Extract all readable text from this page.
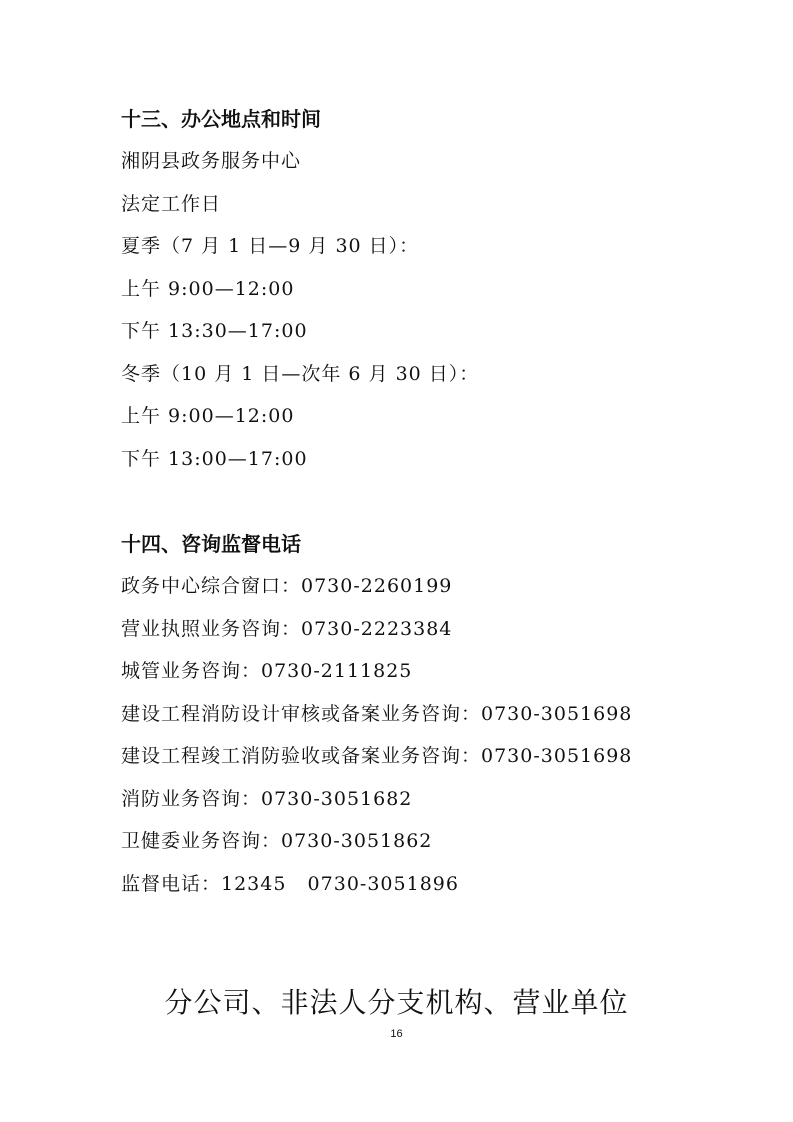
十三、办公地点和时间
湘阴县政务服务中心
法定工作日
夏季（7 月 1 日—9 月 30 日）：
上午 9:00—12:00
下午 13:30—17:00
冬季（10 月 1 日—次年 6 月 30 日）：
上午 9:00—12:00
下午 13:00—17:00
十四、咨询监督电话
政务中心综合窗口：0730-2260199
营业执照业务咨询：0730-2223384
城管业务咨询：0730-2111825
建设工程消防设计审核或备案业务咨询：0730-3051698
建设工程竣工消防验收或备案业务咨询：0730-3051698
消防业务咨询：0730-3051682
卫健委业务咨询：0730-3051862
监督电话：12345   0730-3051896
分公司、非法人分支机构、营业单位
16
